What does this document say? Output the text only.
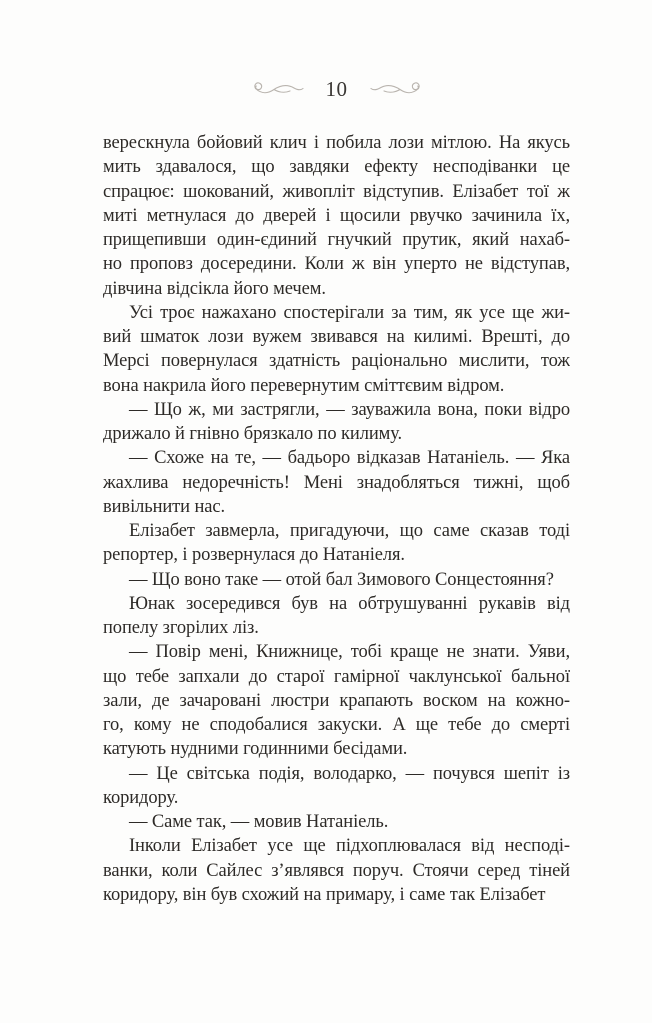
10
верескнула бойовий клич і побила лози мітлою. На якусь
мить здавалося, що завдяки ефекту несподіванки це
спрацює: шокований, живопліт відступив. Елізабет тої ж
миті метнулася до дверей і щосили рвучко зачинила їх,
прищепивши один-єдиний гнучкий прутик, який нахаб-
но проповз досередини. Коли ж він уперто не відступав,
дівчина відсікла його мечем.
Усі троє нажахано спостерігали за тим, як усе ще жи-
вий шматок лози вужем звивався на килимі. Врешті, до
Мерсі повернулася здатність раціонально мислити, тож
вона накрила його перевернутим сміттєвим відром.
— Що ж, ми застрягли, — зауважила вона, поки відро
дрижало й гнівно брязкало по килиму.
— Схоже на те, — бадьоро відказав Натаніель. — Яка
жахлива недоречність! Мені знадобляться тижні, щоб
вивільнити нас.
Елізабет завмерла, пригадуючи, що саме сказав тоді
репортер, і розвернулася до Натаніеля.
— Що воно таке — отой бал Зимового Сонцестояння?
Юнак зосередився був на обтрушуванні рукавів від
попелу згорілих ліз.
— Повір мені, Книжнице, тобі краще не знати. Уяви,
що тебе запхали до старої гамірної чаклунської бальної
зали, де зачаровані люстри крапають воском на кожно-
го, кому не сподобалися закуски. А ще тебе до смерті
катують нудними годинними бесідами.
— Це світська подія, володарко, — почувся шепіт із
коридору.
— Саме так, — мовив Натаніель.
Інколи Елізабет усе ще підхоплювалася від несподі-
ванки, коли Сайлес з’являвся поруч. Стоячи серед тіней
коридору, він був схожий на примару, і саме так Елізабет
